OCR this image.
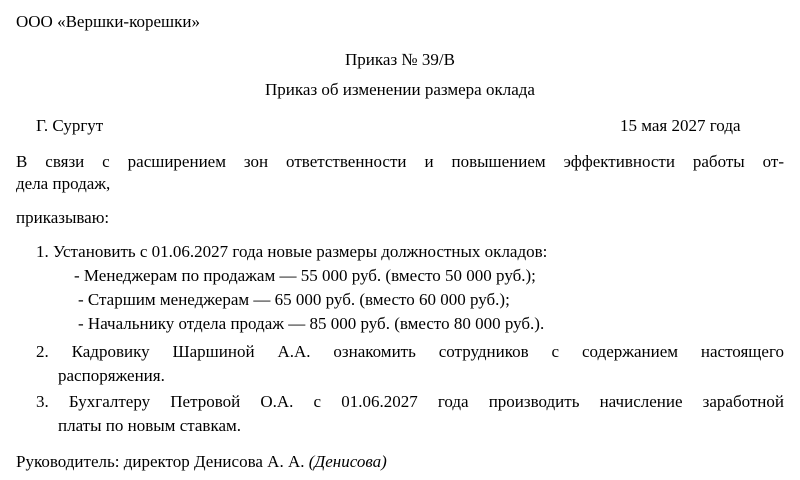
ООО «Вершки-корешки»
Приказ № 39/В
Приказ об изменении размера оклада
Г. Сургут	15 мая 2027 года
В связи с расширением зон ответственности и повышением эффективности работы от-
дела продаж,
приказываю:
1. Установить с 01.06.2027 года новые размеры должностных окладов:
- Менеджерам по продажам — 55 000 руб. (вместо 50 000 руб.);
- Старшим менеджерам — 65 000 руб. (вместо 60 000 руб.);
- Начальнику отдела продаж — 85 000 руб. (вместо 80 000 руб.).
2. Кадровику Шаршиной А.А. ознакомить сотрудников с содержанием настоящего
распоряжения.
3. Бухгалтеру Петровой О.А. с 01.06.2027 года производить начисление заработной
платы по новым ставкам.
Руководитель: директор Денисова А. А. (Денисова)
